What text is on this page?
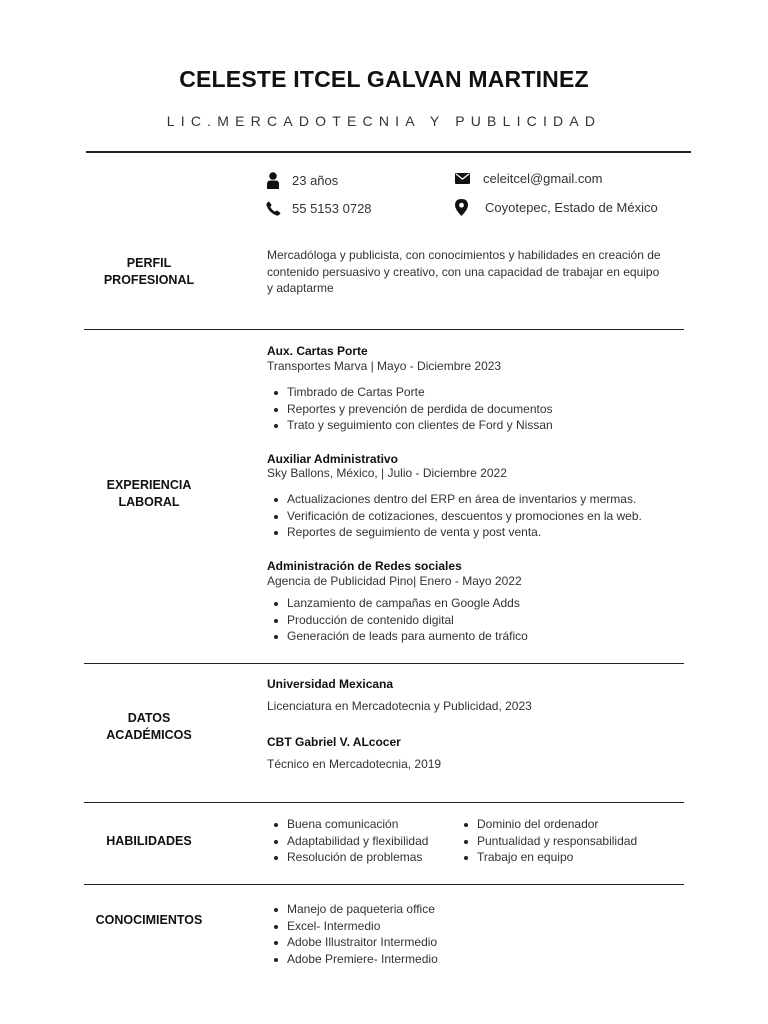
CELESTE ITCEL GALVAN MARTINEZ
LIC.MERCADOTECNIA Y PUBLICIDAD
23 años
55 5153 0728
celeitcel@gmail.com
Coyotepec, Estado de México
PERFIL
PROFESIONAL
Mercadóloga y publicista, con conocimientos y habilidades en creación de
contenido persuasivo y creativo, con una capacidad de trabajar en equipo
y adaptarme
EXPERIENCIA
LABORAL
Aux. Cartas Porte
Transportes Marva | Mayo - Diciembre 2023
Timbrado de Cartas Porte
Reportes y prevención de perdida de documentos
Trato y seguimiento con clientes de Ford y Nissan
Auxiliar Administrativo
Sky Ballons, México, | Julio - Diciembre 2022
Actualizaciones dentro del ERP en área de inventarios y mermas.
Verificación de cotizaciones, descuentos y promociones en la web.
Reportes de seguimiento de venta y post venta.
Administración de Redes sociales
Agencia de Publicidad Pino| Enero - Mayo 2022
Lanzamiento de campañas en Google Adds
Producción de contenido digital
Generación de leads para aumento de tráfico
DATOS
ACADÉMICOS
Universidad Mexicana
Licenciatura en Mercadotecnia y Publicidad, 2023
CBT Gabriel V. ALcocer
Técnico en Mercadotecnia, 2019
HABILIDADES
Buena comunicación
Adaptabilidad y flexibilidad
Resolución de problemas
Dominio del ordenador
Puntualidad y responsabilidad
Trabajo en equipo
CONOCIMIENTOS
Manejo de paqueteria office
Excel- Intermedio
Adobe Illustraitor Intermedio
Adobe Premiere- Intermedio
